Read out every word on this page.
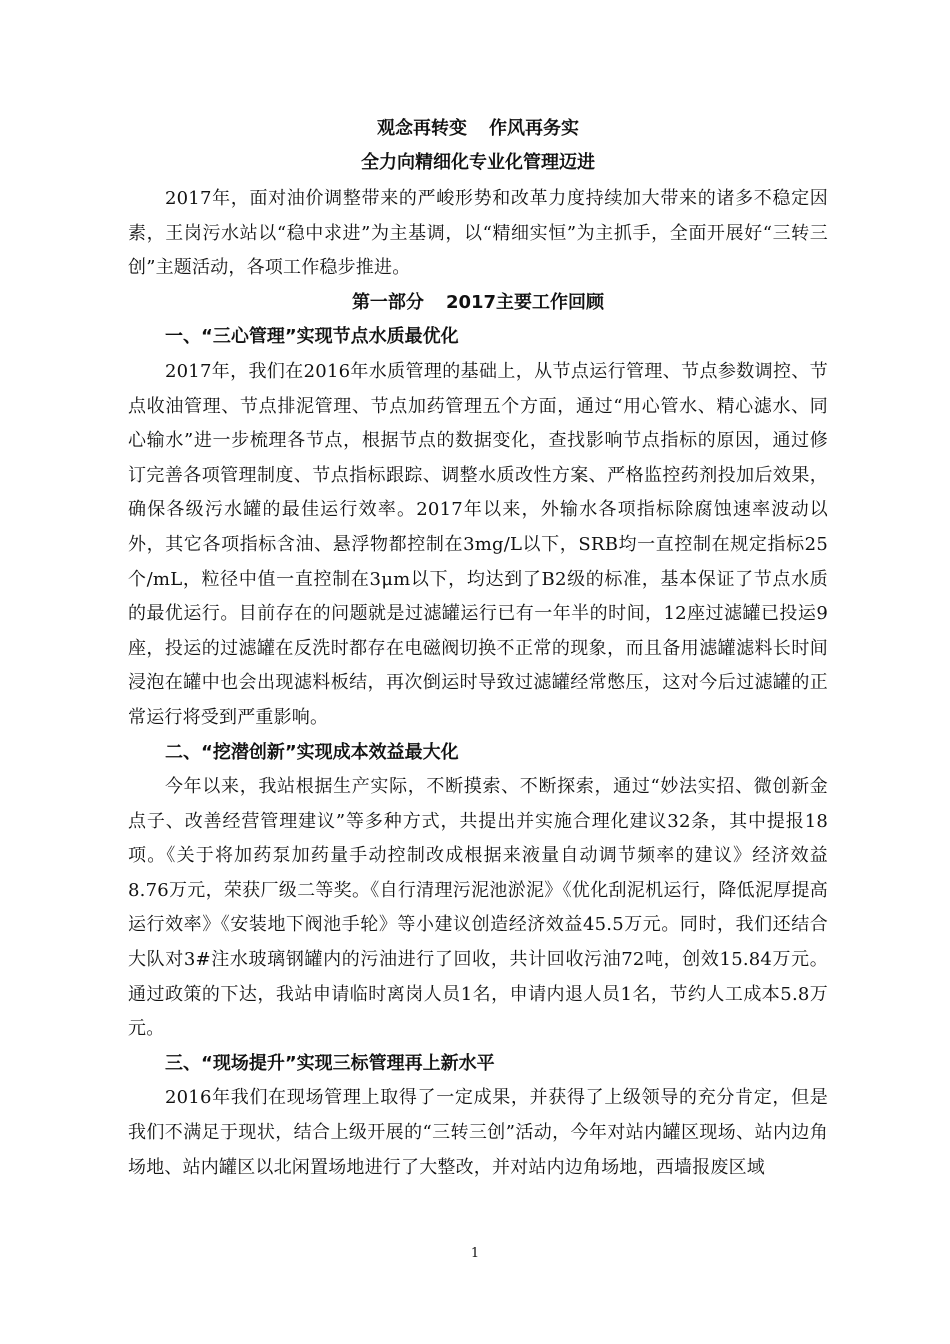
观念再转变 作风再务实
全力向精细化专业化管理迈进

2017年，面对油价调整带来的严峻形势和改革力度持续加大带来的诸多不稳定因素，王岗污水站以“稳中求进”为主基调，以“精细实恒”为主抓手，全面开展好“三转三创”主题活动，各项工作稳步推进。

第一部分 2017主要工作回顾
一、“三心管理”实现节点水质最优化

2017年，我们在2016年水质管理的基础上，从节点运行管理、节点参数调控、节点收油管理、节点排泥管理、节点加药管理五个方面，通过“用心管水、精心滤水、同心输水”进一步梳理各节点，根据节点的数据变化，查找影响节点指标的原因，通过修订完善各项管理制度、节点指标跟踪、调整水质改性方案、严格监控药剂投加后效果，确保各级污水罐的最佳运行效率。2017年以来，外输水各项指标除腐蚀速率波动以外，其它各项指标含油、悬浮物都控制在3mg/L以下，SRB均一直控制在规定指标25个/mL，粒径中值一直控制在3μm以下，均达到了B2级的标准，基本保证了节点水质的最优运行。目前存在的问题就是过滤罐运行已有一年半的时间，12座过滤罐已投运9座，投运的过滤罐在反洗时都存在电磁阀切换不正常的现象，而且备用滤罐滤料长时间浸泡在罐中也会出现滤料板结，再次倒运时导致过滤罐经常憋压，这对今后过滤罐的正常运行将受到严重影响。

二、“挖潜创新”实现成本效益最大化

今年以来，我站根据生产实际，不断摸索、不断探索，通过“妙法实招、微创新金点子、改善经营管理建议”等多种方式，共提出并实施合理化建议32条，其中提报18项。《关于将加药泵加药量手动控制改成根据来液量自动调节频率的建议》经济效益8.76万元，荣获厂级二等奖。《自行清理污泥池淤泥》《优化刮泥机运行，降低泥厚提高运行效率》《安装地下阀池手轮》等小建议创造经济效益45.5万元。同时，我们还结合大队对3#注水玻璃钢罐内的污油进行了回收，共计回收污油72吨，创效15.84万元。通过政策的下达，我站申请临时离岗人员1名，申请内退人员1名，节约人工成本5.8万元。

三、“现场提升”实现三标管理再上新水平

2016年我们在现场管理上取得了一定成果，并获得了上级领导的充分肯定，但是我们不满足于现状，结合上级开展的“三转三创”活动，今年对站内罐区现场、站内边角场地、站内罐区以北闲置场地进行了大整改，并对站内边角场地，西墙报废区域

1
